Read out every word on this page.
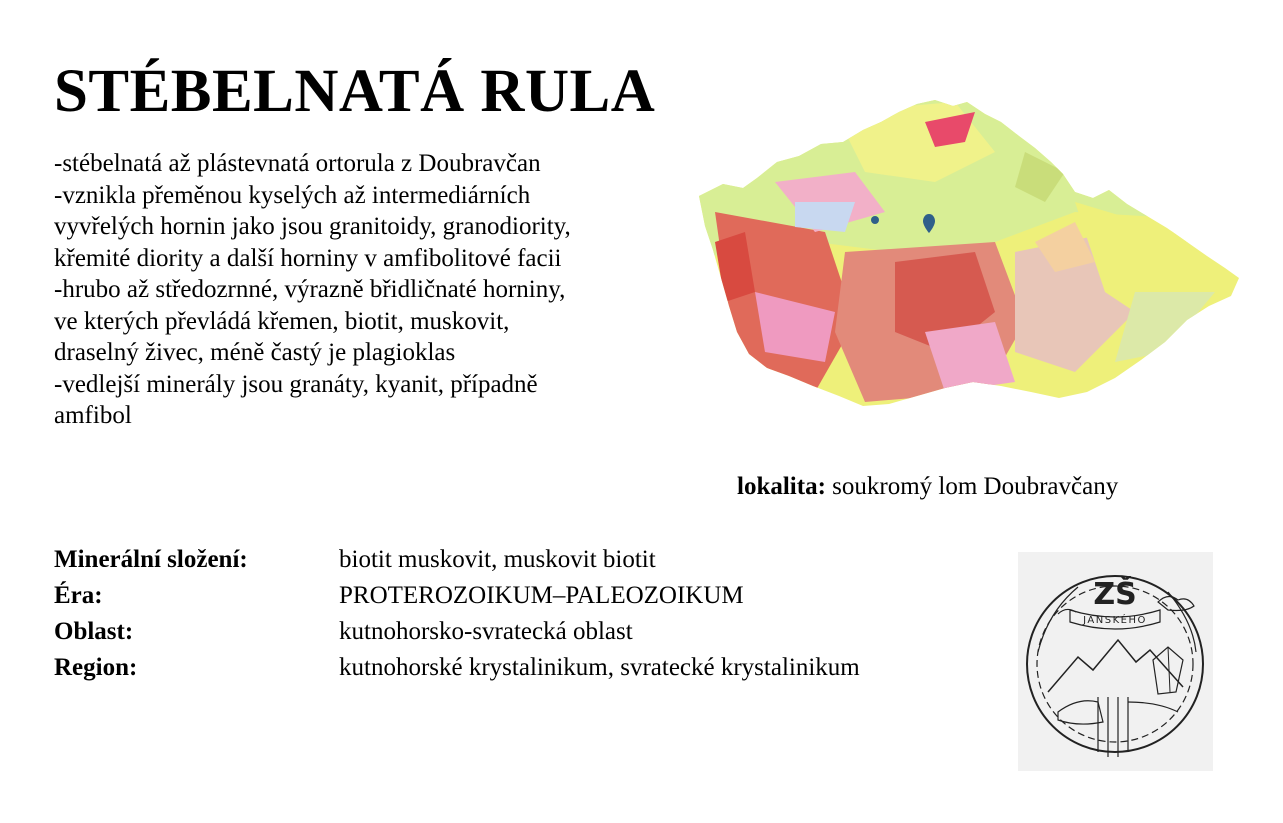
STÉBELNATÁ RULA
-stébelnatá až plástevnatá ortorula z Doubravčan
-vznikla přeměnou kyselých až intermediárních
vyvřelých hornin jako jsou granitoidy, granodiority,
křemité diority a další horniny v amfibolitové facii
-hrubo až středozrnné, výrazně břidličnaté horniny,
ve kterých převládá křemen, biotit, muskovit,
draselný živec, méně častý je plagioklas
-vedlejší minerály jsou granáty, kyanit, případně
amfibol
lokalita: soukromý lom Doubravčany
Minerální složení:	biotit muskovit, muskovit biotit
Éra:	PROTEROZOIKUM–PALEOZOIKUM
Oblast:	kutnohorsko-svratecká oblast
Region:	kutnohorské krystalinikum, svratecké krystalinikum
ZŠ
JANSKÉHO
